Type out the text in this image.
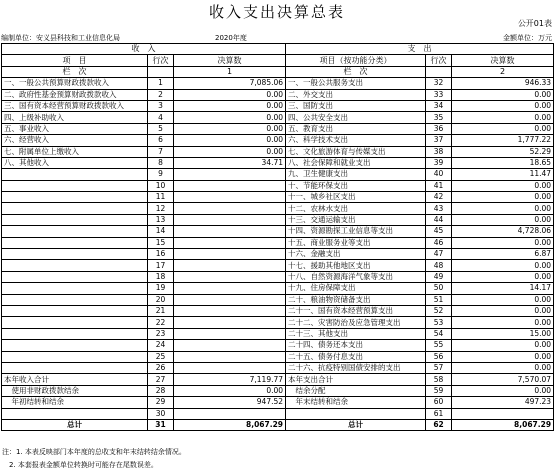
收入支出决算总表
公开01表
编制单位：安义县科技和工业信息化局	2020年度	金额单位：万元
收　入			支　出		
项　目	行次	决算数	项目（按功能分类）	行次	决算数
栏　次		1	栏　次		2
一、一般公共预算财政拨款收入	1	7,085.06	一、一般公共服务支出	32	946.33
二、政府性基金预算财政拨款收入	2	0.00	二、外交支出	33	0.00
三、国有资本经营预算财政拨款收入	3	0.00	三、国防支出	34	0.00
四、上级补助收入	4	0.00	四、公共安全支出	35	0.00
五、事业收入	5	0.00	五、教育支出	36	0.00
六、经营收入	6	0.00	六、科学技术支出	37	1,777.22
七、附属单位上缴收入	7	0.00	七、文化旅游体育与传媒支出	38	52.29
八、其他收入	8	34.71	八、社会保障和就业支出	39	18.65
	9		九、卫生健康支出	40	11.47
	10		十、节能环保支出	41	0.00
	11		十一、城乡社区支出	42	0.00
	12		十二、农林水支出	43	0.00
	13		十三、交通运输支出	44	0.00
	14		十四、资源勘探工业信息等支出	45	4,728.06
	15		十五、商业服务业等支出	46	0.00
	16		十六、金融支出	47	6.87
	17		十七、援助其他地区支出	48	0.00
	18		十八、自然资源海洋气象等支出	49	0.00
	19		十九、住房保障支出	50	14.17
	20		二十、粮油物资储备支出	51	0.00
	21		二十一、国有资本经营预算支出	52	0.00
	22		二十二、灾害防治及应急管理支出	53	0.00
	23		二十三、其他支出	54	15.00
	24		二十四、债务还本支出	55	0.00
	25		二十五、债务付息支出	56	0.00
	26		二十六、抗疫特别国债安排的支出	57	0.00
本年收入合计	27	7,119.77	本年支出合计	58	7,570.07
　使用非财政拨款结余	28	0.00	　结余分配	59	0.00
　年初结转和结余	29	947.52	　年末结转和结余	60	497.23
	30			61	
总计	31	8,067.29	总计	62	8,067.29
注：1. 本表反映部门本年度的总收支和年末结转结余情况。
　2. 本套报表金额单位转换时可能存在尾数误差。
